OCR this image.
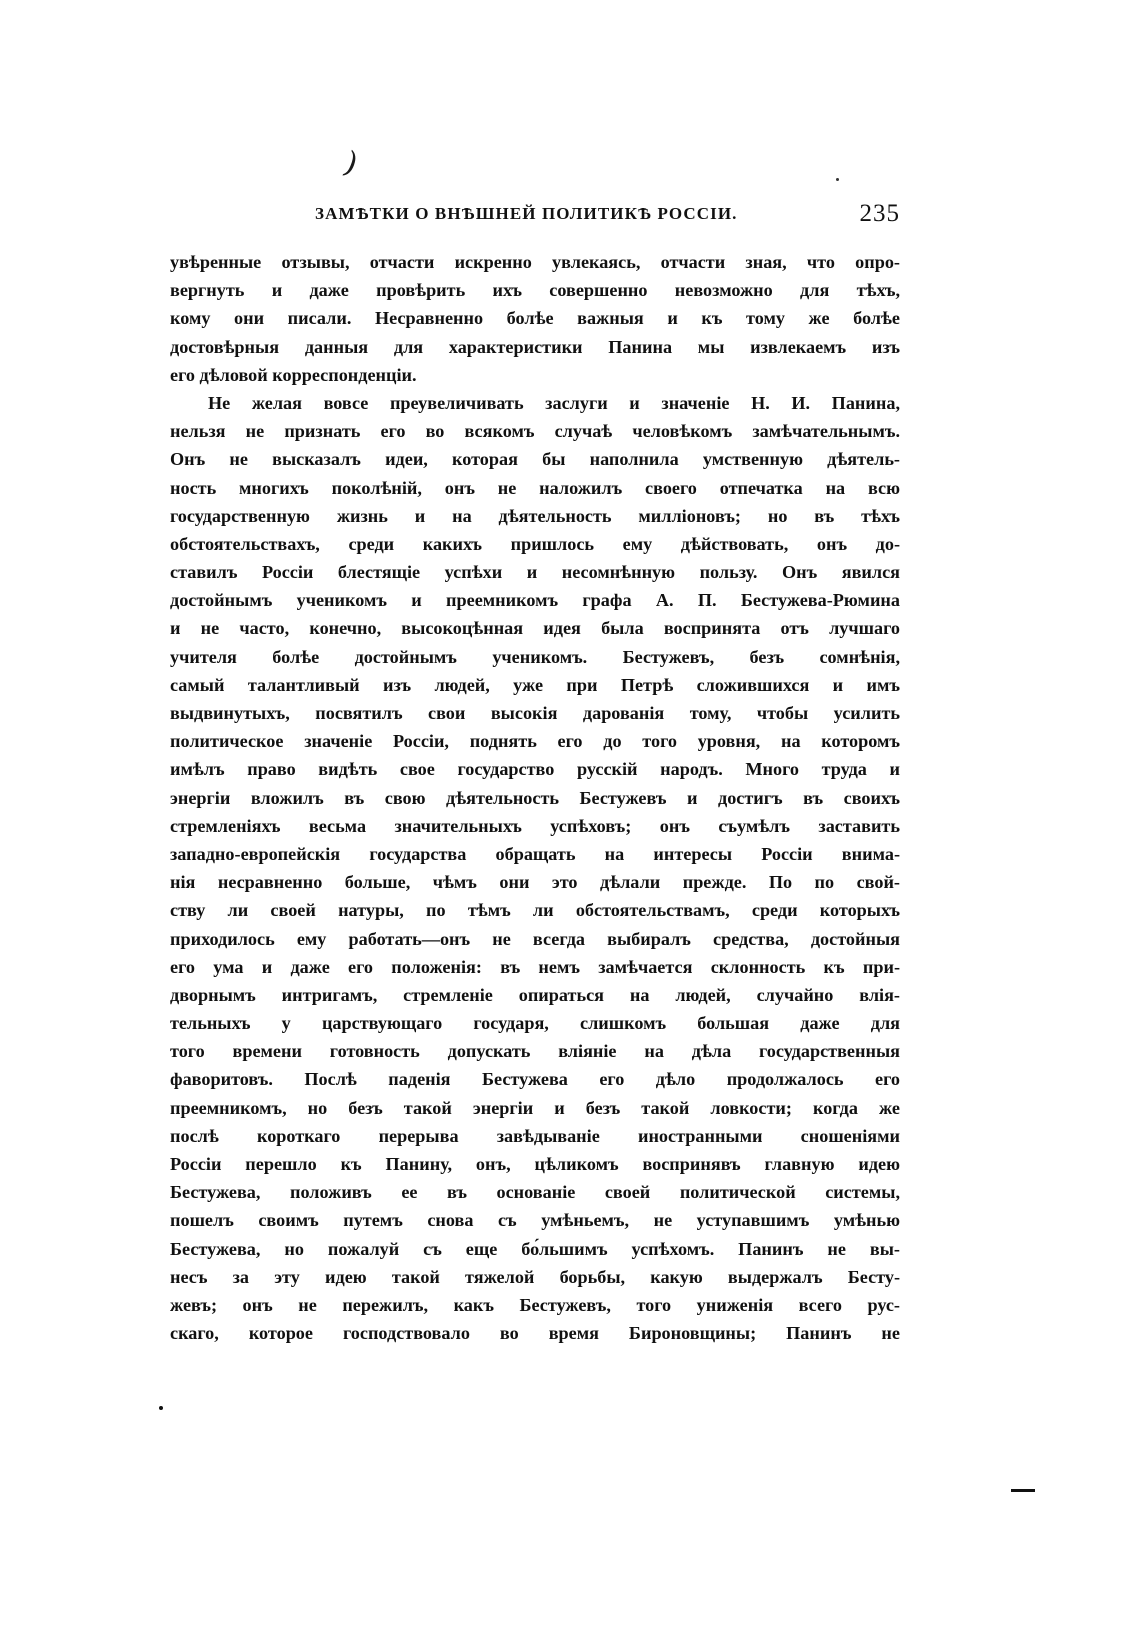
)
ЗАМѢТКИ О ВНѢШНЕЙ ПОЛИТИКѢ РОССІИ.	235
увѣренные отзывы, отчасти искренно увлекаясь, отчасти зная, что опро-
вергнуть и даже провѣрить ихъ совершенно невозможно для тѣхъ,
кому они писали. Несравненно болѣе важныя и къ тому же болѣе
достовѣрныя данныя для характеристики Панина мы извлекаемъ изъ
его дѣловой корреспонденціи.
Не желая вовсе преувеличивать заслуги и значеніе Н. И. Панина,
нельзя не признать его во всякомъ случаѣ человѣкомъ замѣчательнымъ.
Онъ не высказалъ идеи, которая бы наполнила умственную дѣятель-
ность многихъ поколѣній, онъ не наложилъ своего отпечатка на всю
государственную жизнь и на дѣятельность милліоновъ; но въ тѣхъ
обстоятельствахъ, среди какихъ пришлось ему дѣйствовать, онъ до-
ставилъ Россіи блестящіе успѣхи и несомнѣнную пользу. Онъ явился
достойнымъ ученикомъ и преемникомъ графа А. П. Бестужева-Рюмина
и не часто, конечно, высокоцѣнная идея была воспринята отъ лучшаго
учителя болѣе достойнымъ ученикомъ. Бестужевъ, безъ сомнѣнія,
самый талантливый изъ людей, уже при Петрѣ сложившихся и имъ
выдвинутыхъ, посвятилъ свои высокія дарованія тому, чтобы усилить
политическое значеніе Россіи, поднять его до того уровня, на которомъ
имѣлъ право видѣть свое государство русскій народъ. Много труда и
энергіи вложилъ въ свою дѣятельность Бестужевъ и достигъ въ своихъ
стремленіяхъ весьма значительныхъ успѣховъ; онъ съумѣлъ заставить
западно-европейскія государства обращать на интересы Россіи внима-
нія несравненно больше, чѣмъ они это дѣлали прежде. По по свой-
ству ли своей натуры, по тѣмъ ли обстоятельствамъ, среди которыхъ
приходилось ему работать—онъ не всегда выбиралъ средства, достойныя
его ума и даже его положенія: въ немъ замѣчается склонность къ при-
дворнымъ интригамъ, стремленіе опираться на людей, случайно влія-
тельныхъ у царствующаго государя, слишкомъ большая даже для
того времени готовность допускать вліяніе на дѣла государственныя
фаворитовъ. Послѣ паденія Бестужева его дѣло продолжалось его
преемникомъ, но безъ такой энергіи и безъ такой ловкости; когда же
послѣ короткаго перерыва завѣдываніе иностранными сношеніями
Россіи перешло къ Панину, онъ, цѣликомъ воспринявъ главную идею
Бестужева, положивъ ее въ основаніе своей политической системы,
пошелъ своимъ путемъ снова съ умѣньемъ, не уступавшимъ умѣнью
Бестужева, но пожалуй съ еще бо́льшимъ успѣхомъ. Панинъ не вы-
несъ за эту идею такой тяжелой борьбы, какую выдержалъ Бесту-
жевъ; онъ не пережилъ, какъ Бестужевъ, того униженія всего рус-
скаго, которое господствовало во время Бироновщины; Панинъ не
